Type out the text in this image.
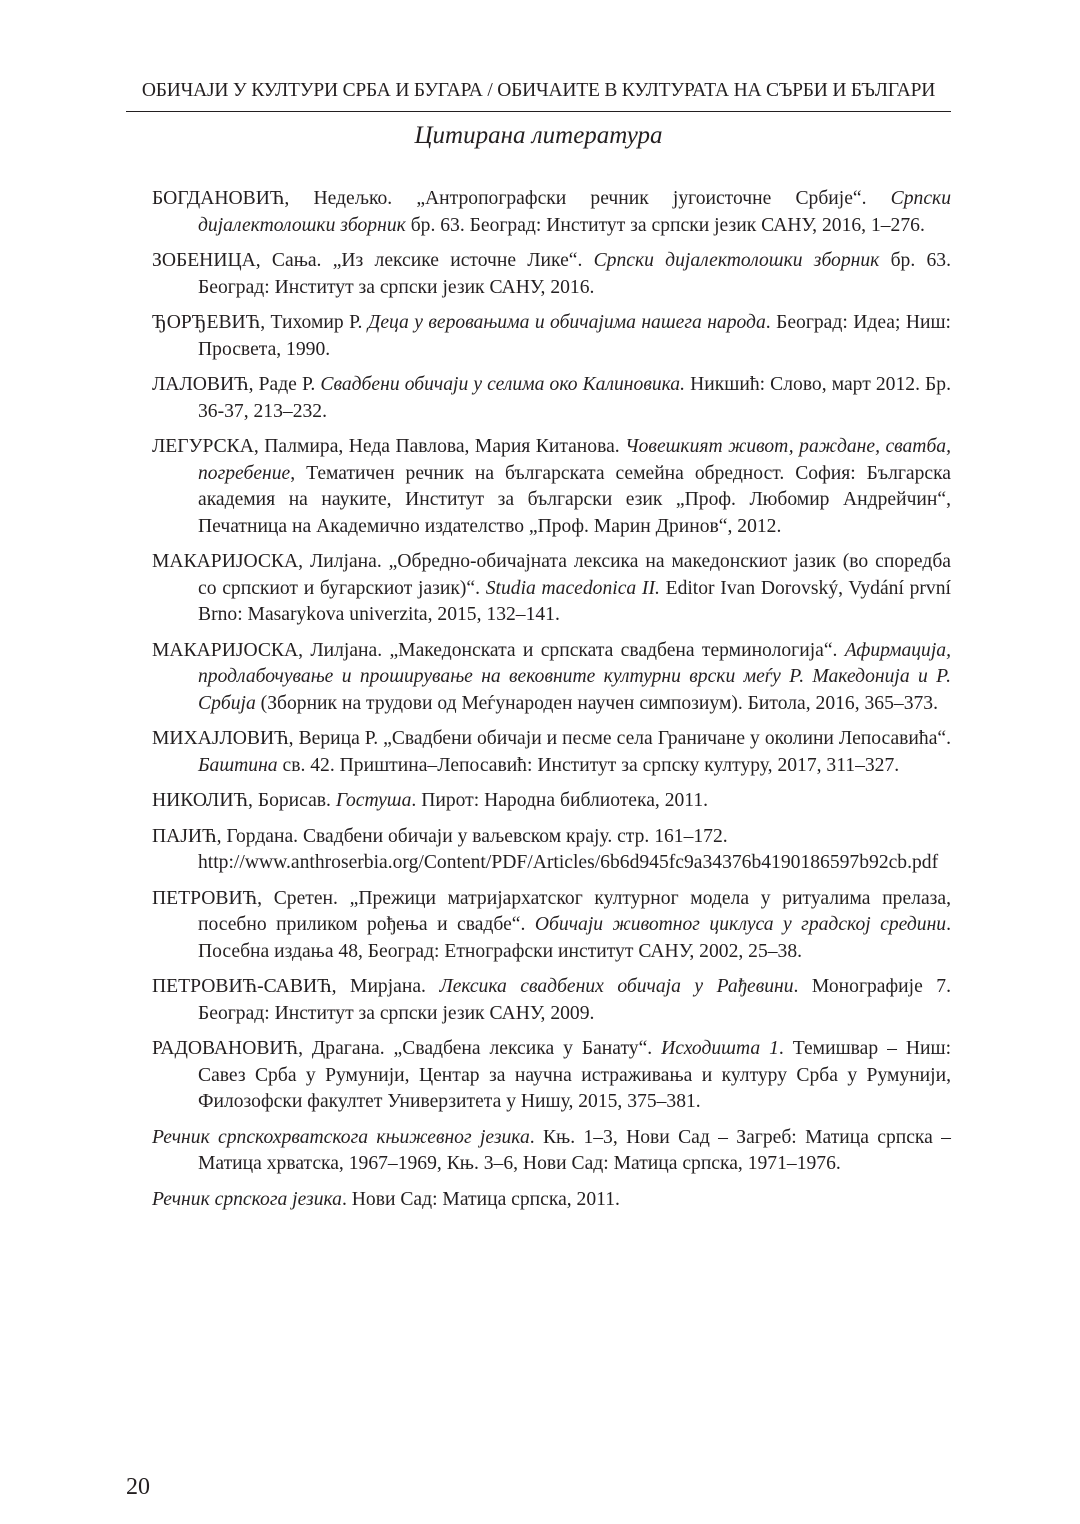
ОБИЧАЈИ У КУЛТУРИ СРБА И БУГАРА / ОБИЧАИТЕ В КУЛТУРАТА НА СЪРБИ И БЪЛГАРИ
Цитирана литература
БОГДАНОВИЋ, Недељко. „Антропографски речник југоисточне Србије“. Српски дијалектолошки зборник бр. 63. Београд: Институт за српски језик САНУ, 2016, 1–276.
ЗОБЕНИЦА, Сања. „Из лексике источне Лике“. Српски дијалектолошки зборник бр. 63. Београд: Институт за српски језик САНУ, 2016.
ЂОРЂЕВИЋ, Тихомир Р. Деца у веровањима и обичајима нашега народа. Београд: Идеа; Ниш: Просвета, 1990.
ЛАЛОВИЋ, Раде Р. Свадбени обичаји у селима око Калиновика. Никшић: Слово, март 2012. Бр. 36-37, 213–232.
ЛЕГУРСКА, Палмира, Неда Павлова, Мария Китанова. Човешкият живот, раждане, сватба, погребение, Тематичен речник на българската семейна обредност. София: Българска академия на науките, Институт за български език „Проф. Любомир Андрейчин“, Печатница на Академично издателство „Проф. Марин Дринов“, 2012.
МАКАРИЈОСКА, Лилјана. „Обредно-обичајната лексика на македонскиот јазик (во споредба со српскиот и бугарскиот јазик)“. Studia macedonica II. Editor Ivan Dorovský, Vydání první Brno: Masarykova univerzita, 2015, 132–141.
МАКАРИЈОСКА, Лилјана. „Македонската и српската свадбена терминологија“. Афирмација, продлабочување и проширување на вековните културни врски меѓу Р. Македонија и Р. Србија (Зборник на трудови од Меѓународен научен симпозиум). Битола, 2016, 365–373.
МИХАЈЛОВИЋ, Верица Р. „Свадбени обичаји и песме села Граничане у околини Лепосавића“. Баштина св. 42. Приштина–Лепосавић: Институт за српску културу, 2017, 311–327.
НИКОЛИЋ, Борисав. Гостуша. Пирот: Народна библиотека, 2011.
ПАЈИЋ, Гордана. Свадбени обичаји у ваљевском крају. стр. 161–172. http://www.anthroserbia.org/Content/PDF/Articles/6b6d945fc9a34376b4190186597b92cb.pdf
ПЕТРОВИЋ, Сретен. „Прежици матријархатског културног модела у ритуалима прелаза, посебно приликом рођења и свадбе“. Обичаји животног циклуса у градској средини. Посебна издања 48, Београд: Етнографски институт САНУ, 2002, 25–38.
ПЕТРОВИЋ-САВИЋ, Мирјана. Лексика свадбених обичаја у Рађевини. Монографије 7. Београд: Институт за српски језик САНУ, 2009.
РАДОВАНОВИЋ, Драгана. „Свадбена лексика у Банату“. Исходишта 1. Темишвар – Ниш: Савез Срба у Румунији, Центар за научна истраживања и културу Срба у Румунији, Филозофски факултет Универзитета у Нишу, 2015, 375–381.
Речник српскохрватскога књижевног језика. Књ. 1–3, Нови Сад – Загреб: Матица српска – Матица хрватска, 1967–1969, Књ. 3–6, Нови Сад: Матица српска, 1971–1976.
Речник српскога језика. Нови Сад: Матица српска, 2011.
20
